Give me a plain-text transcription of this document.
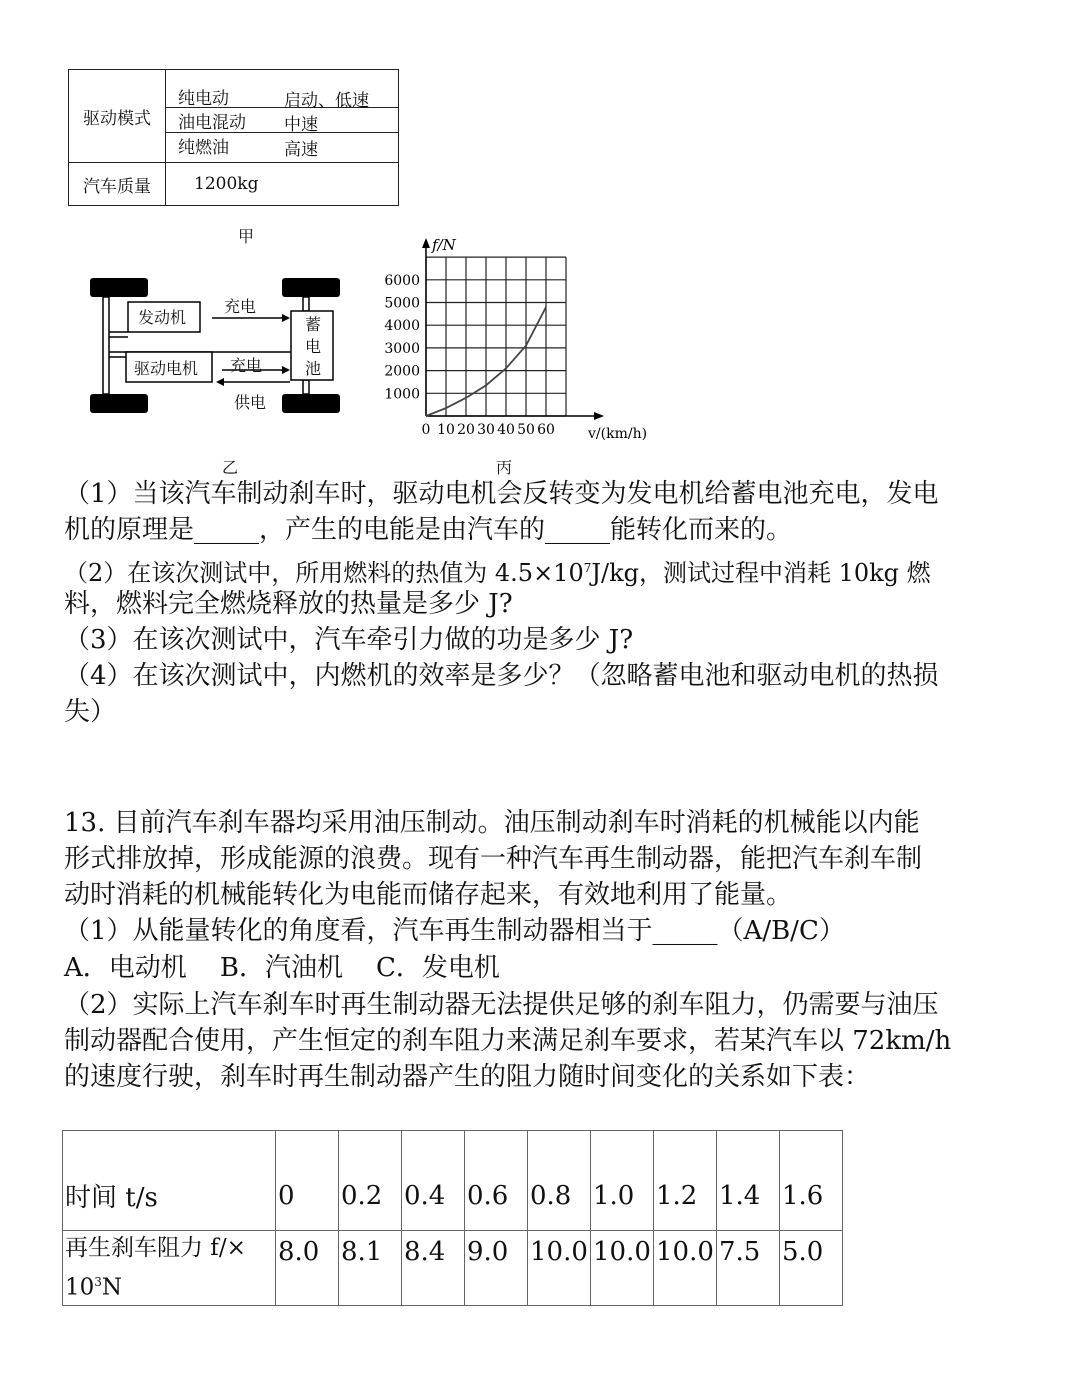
驱动模式	纯电动 启动、低速

	油电混动 中速

	纯燃油 高速

汽车质量	1200kg
甲
发动机
驱动电机
充电
充电
供电
蓄
电
池
乙
1000
2000
3000
4000
5000
6000
0 10 20 30 40 50 60
f/N
v/(km/h)
丙
（1）当该汽车制动刹车时，驱动电机会反转变为发电机给蓄电池充电，发电
机的原理是_____，产生的电能是由汽车的_____能转化而来的。
（2）在该次测试中，所用燃料的热值为 $4.5\times 10^7J/kg$，测试过程中消耗 10kg 燃
料，燃料完全燃烧释放的热量是多少 J?
（3）在该次测试中，汽车牵引力做的功是多少 J?
（4）在该次测试中，内燃机的效率是多少？（忽略蓄电池和驱动电机的热损
失）
13. 目前汽车刹车器均采用油压制动。油压制动刹车时消耗的机械能以内能
形式排放掉，形成能源的浪费。现有一种汽车再生制动器，能把汽车刹车制
动时消耗的机械能转化为电能而储存起来，有效地利用了能量。
（1）从能量转化的角度看，汽车再生制动器相当于_____（A/B/C）
A．电动机    B．汽油机    C．发电机
（2）实际上汽车刹车时再生制动器无法提供足够的刹车阻力，仍需要与油压
制动器配合使用，产生恒定的刹车阻力来满足刹车要求，若某汽车以 72km/h
的速度行驶，刹车时再生制动器产生的阻力随时间变化的关系如下表：
时间 t/s	0	0.2	0.4	0.6	0.8	1.0	1.2	1.4	1.6
再生刹车阻力 f/×
$10^3N$	8.0	8.1	8.4	9.0	10.0	10.0	10.0	7.5	5.0
